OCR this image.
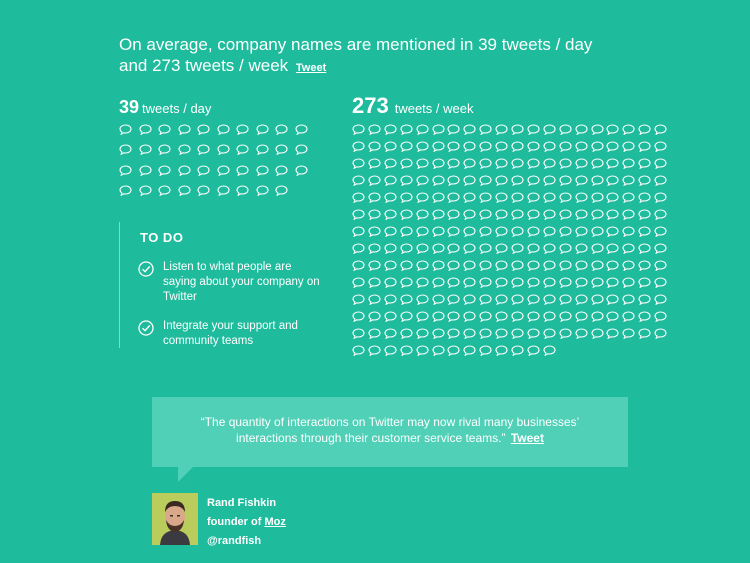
On average, company names are mentioned in 39 tweets / day
and 273 tweets / week Tweet
39 tweets / day	273 tweets / week
TO DO
Listen to what people are saying about your company on Twitter
Integrate your support and community teams
“The quantity of interactions on Twitter may now rival many businesses’ interactions through their customer service teams.” Tweet
Rand Fishkin
founder of Moz
@randfish
